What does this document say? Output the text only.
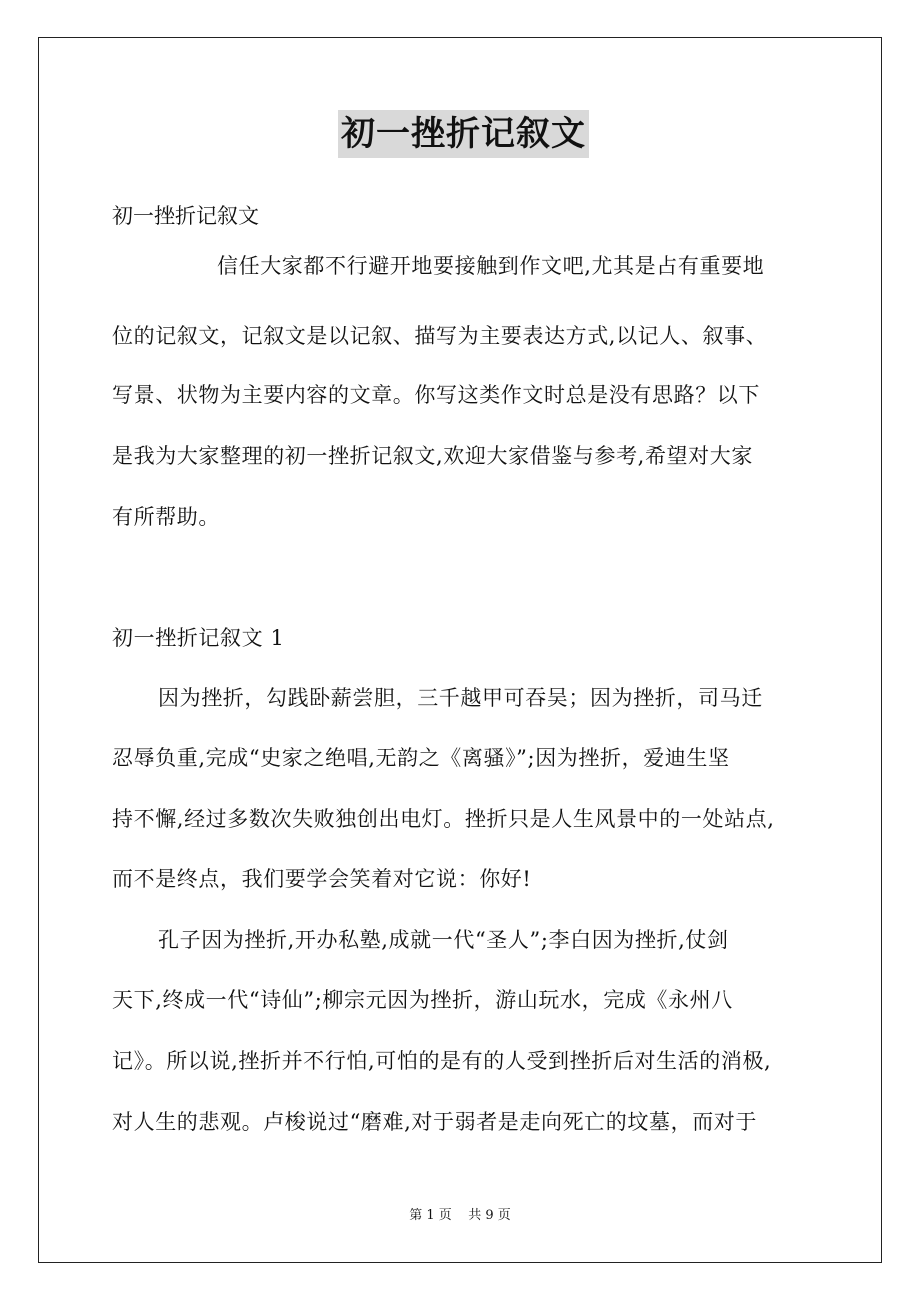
初一挫折记叙文
初一挫折记叙文
信任大家都不行避开地要接触到作文吧,尤其是占有重要地
位的记叙文，记叙文是以记叙、描写为主要表达方式,以记人、叙事、
写景、状物为主要内容的文章。你写这类作文时总是没有思路？以下
是我为大家整理的初一挫折记叙文,欢迎大家借鉴与参考,希望对大家
有所帮助。
初一挫折记叙文 1
因为挫折，勾践卧薪尝胆，三千越甲可吞吴；因为挫折，司马迁
忍辱负重,完成“史家之绝唱,无韵之《离骚》”;因为挫折，爱迪生坚
持不懈,经过多数次失败独创出电灯。挫折只是人生风景中的一处站点,
而不是终点，我们要学会笑着对它说：你好!
孔子因为挫折,开办私塾,成就一代“圣人”;李白因为挫折,仗剑
天下,终成一代“诗仙”;柳宗元因为挫折，游山玩水，完成《永州八
记》。所以说,挫折并不行怕,可怕的是有的人受到挫折后对生活的消极,
对人生的悲观。卢梭说过“磨难,对于弱者是走向死亡的坟墓，而对于
第 1 页    共 9 页
